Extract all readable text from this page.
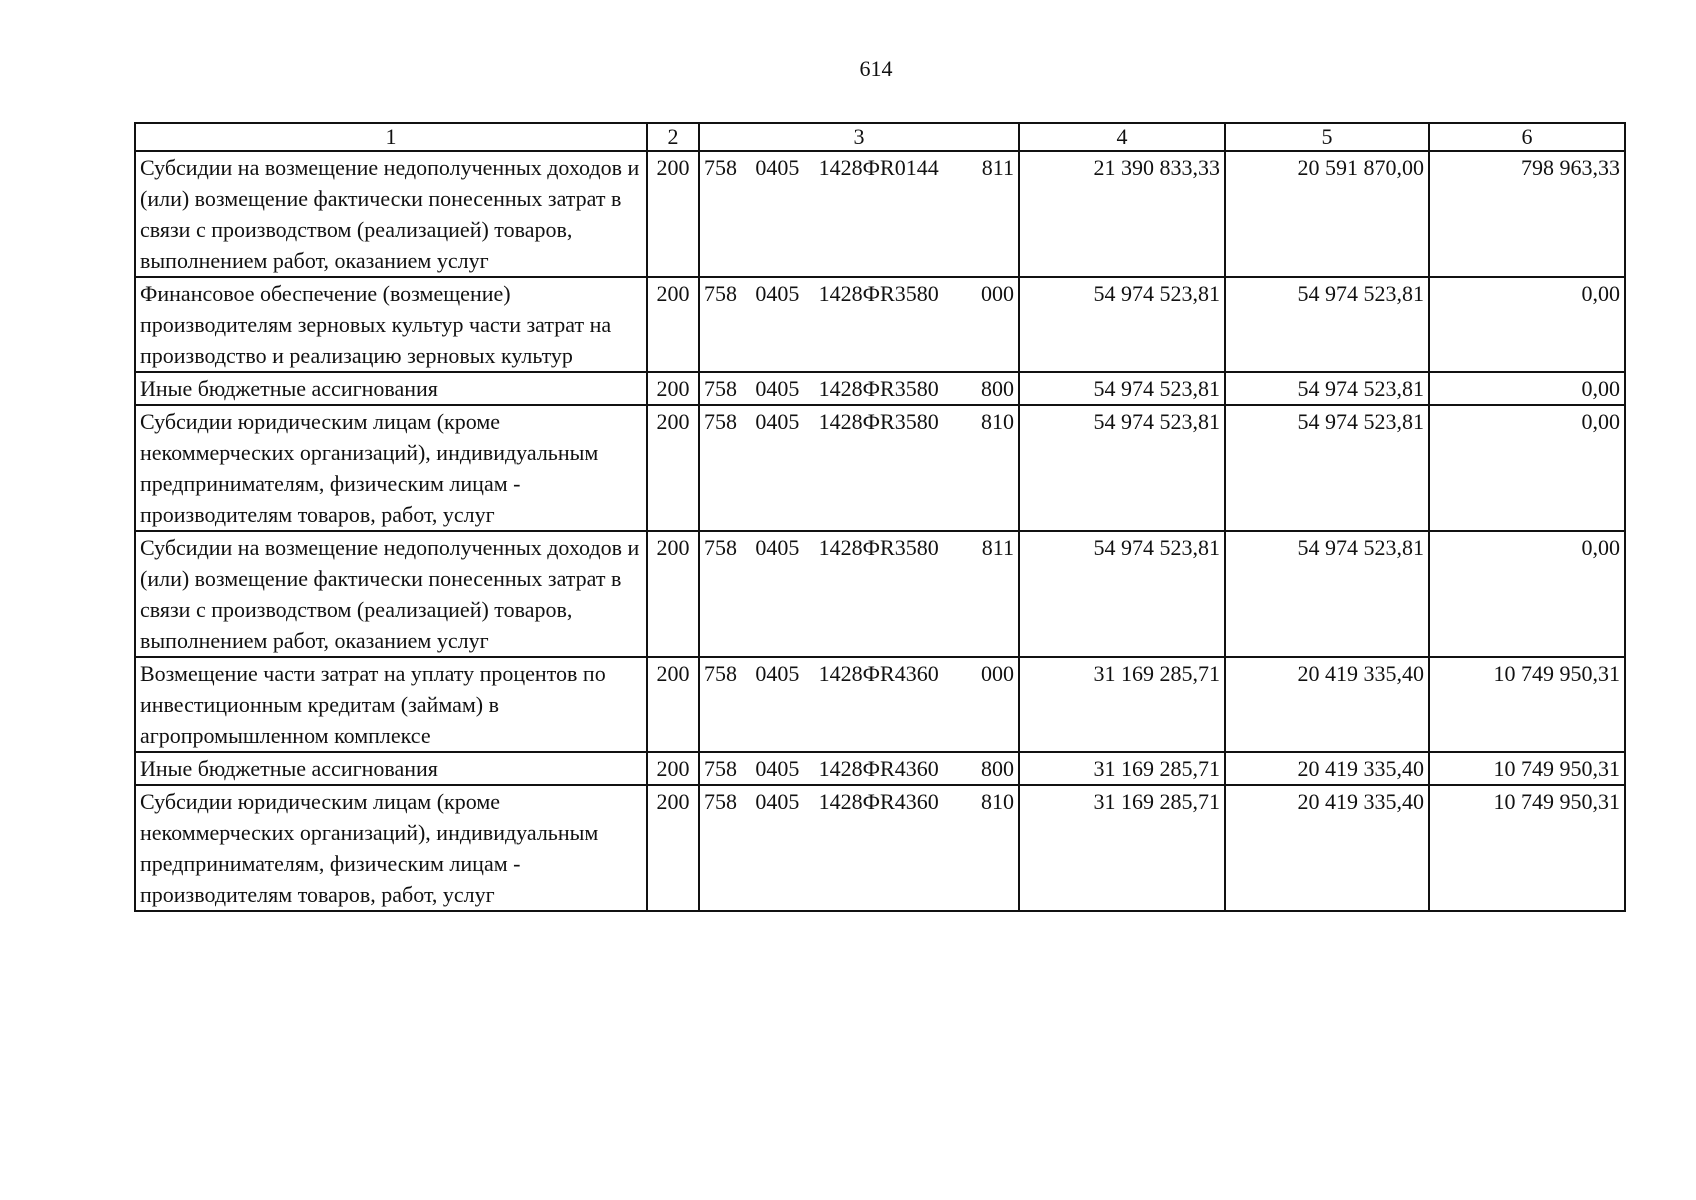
614
1	2	3	4	5	6
Субсидии на возмещение недополученных доходов и (или) возмещение фактически понесенных затрат в связи с производством (реализацией) товаров, выполнением работ, оказанием услуг	200	758 0405 1428ФR0144 811	21 390 833,33	20 591 870,00	798 963,33
Финансовое обеспечение (возмещение) производителям зерновых культур части затрат на производство и реализацию зерновых культур	200	758 0405 1428ФR3580 000	54 974 523,81	54 974 523,81	0,00
Иные бюджетные ассигнования	200	758 0405 1428ФR3580 800	54 974 523,81	54 974 523,81	0,00
Субсидии юридическим лицам (кроме некоммерческих организаций), индивидуальным предпринимателям, физическим лицам - производителям товаров, работ, услуг	200	758 0405 1428ФR3580 810	54 974 523,81	54 974 523,81	0,00
Субсидии на возмещение недополученных доходов и (или) возмещение фактически понесенных затрат в связи с производством (реализацией) товаров, выполнением работ, оказанием услуг	200	758 0405 1428ФR3580 811	54 974 523,81	54 974 523,81	0,00
Возмещение части затрат на уплату процентов по инвестиционным кредитам (займам) в агропромышленном комплексе	200	758 0405 1428ФR4360 000	31 169 285,71	20 419 335,40	10 749 950,31
Иные бюджетные ассигнования	200	758 0405 1428ФR4360 800	31 169 285,71	20 419 335,40	10 749 950,31
Субсидии юридическим лицам (кроме некоммерческих организаций), индивидуальным предпринимателям, физическим лицам - производителям товаров, работ, услуг	200	758 0405 1428ФR4360 810	31 169 285,71	20 419 335,40	10 749 950,31
